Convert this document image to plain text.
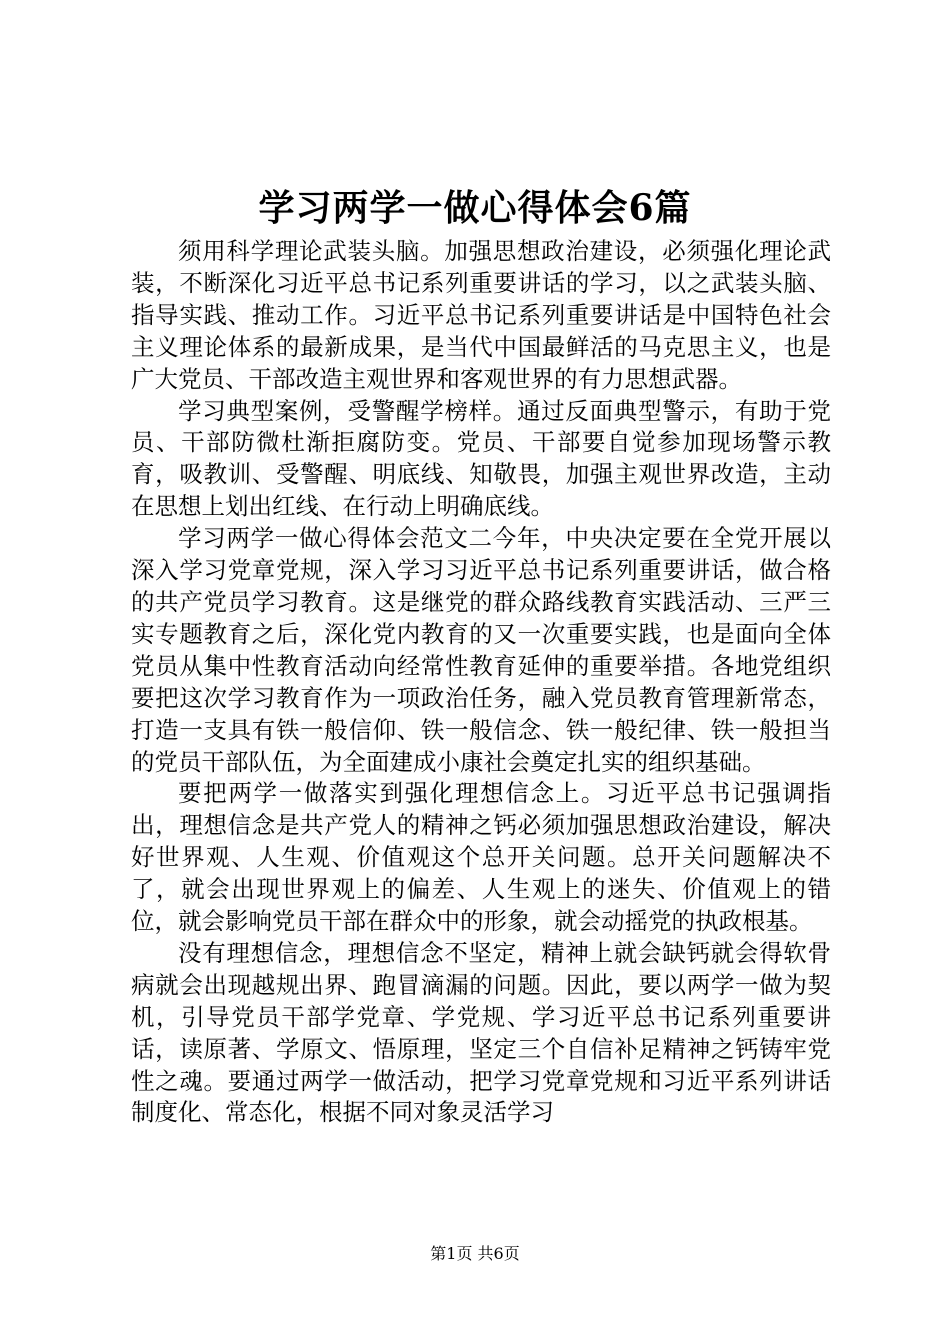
学习两学一做心得体会6篇

须用科学理论武装头脑。加强思想政治建设，必须强化理论武装，不断深化习近平总书记系列重要讲话的学习，以之武装头脑、指导实践、推动工作。习近平总书记系列重要讲话是中国特色社会主义理论体系的最新成果，是当代中国最鲜活的马克思主义，也是广大党员、干部改造主观世界和客观世界的有力思想武器。

学习典型案例，受警醒学榜样。通过反面典型警示，有助于党员、干部防微杜渐拒腐防变。党员、干部要自觉参加现场警示教育，吸教训、受警醒、明底线、知敬畏，加强主观世界改造，主动在思想上划出红线、在行动上明确底线。

学习两学一做心得体会范文二今年，中央决定要在全党开展以深入学习党章党规，深入学习习近平总书记系列重要讲话，做合格的共产党员学习教育。这是继党的群众路线教育实践活动、三严三实专题教育之后，深化党内教育的又一次重要实践，也是面向全体党员从集中性教育活动向经常性教育延伸的重要举措。各地党组织要把这次学习教育作为一项政治任务，融入党员教育管理新常态，打造一支具有铁一般信仰、铁一般信念、铁一般纪律、铁一般担当的党员干部队伍，为全面建成小康社会奠定扎实的组织基础。

要把两学一做落实到强化理想信念上。习近平总书记强调指出，理想信念是共产党人的精神之钙必须加强思想政治建设，解决好世界观、人生观、价值观这个总开关问题。总开关问题解决不了，就会出现世界观上的偏差、人生观上的迷失、价值观上的错位，就会影响党员干部在群众中的形象，就会动摇党的执政根基。

没有理想信念，理想信念不坚定，精神上就会缺钙就会得软骨病就会出现越规出界、跑冒滴漏的问题。因此，要以两学一做为契机，引导党员干部学党章、学党规、学习近平总书记系列重要讲话，读原著、学原文、悟原理，坚定三个自信补足精神之钙铸牢党性之魂。要通过两学一做活动，把学习党章党规和习近平系列讲话制度化、常态化，根据不同对象灵活学习

第1页 共6页
